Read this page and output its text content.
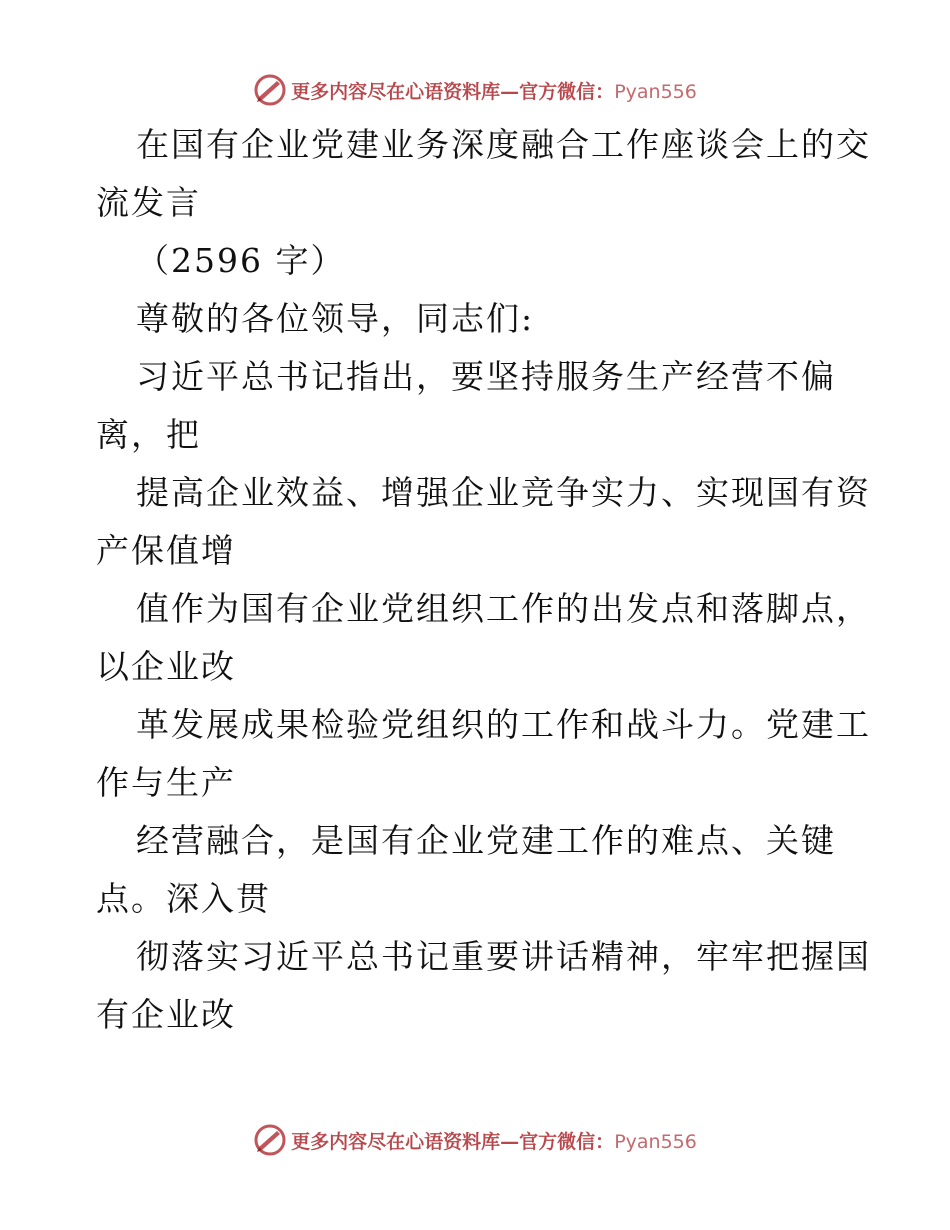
更多内容尽在心语资料库—官方微信：Pyan556
在国有企业党建业务深度融合工作座谈会上的交
流发言
（2596 字）
尊敬的各位领导，同志们:
习近平总书记指出，要坚持服务生产经营不偏
离，把
提高企业效益、增强企业竞争实力、实现国有资
产保值增
值作为国有企业党组织工作的出发点和落脚点，
以企业改
革发展成果检验党组织的工作和战斗力。党建工
作与生产
经营融合，是国有企业党建工作的难点、关键
点。深入贯
彻落实习近平总书记重要讲话精神，牢牢把握国
有企业改
更多内容尽在心语资料库—官方微信：Pyan556
